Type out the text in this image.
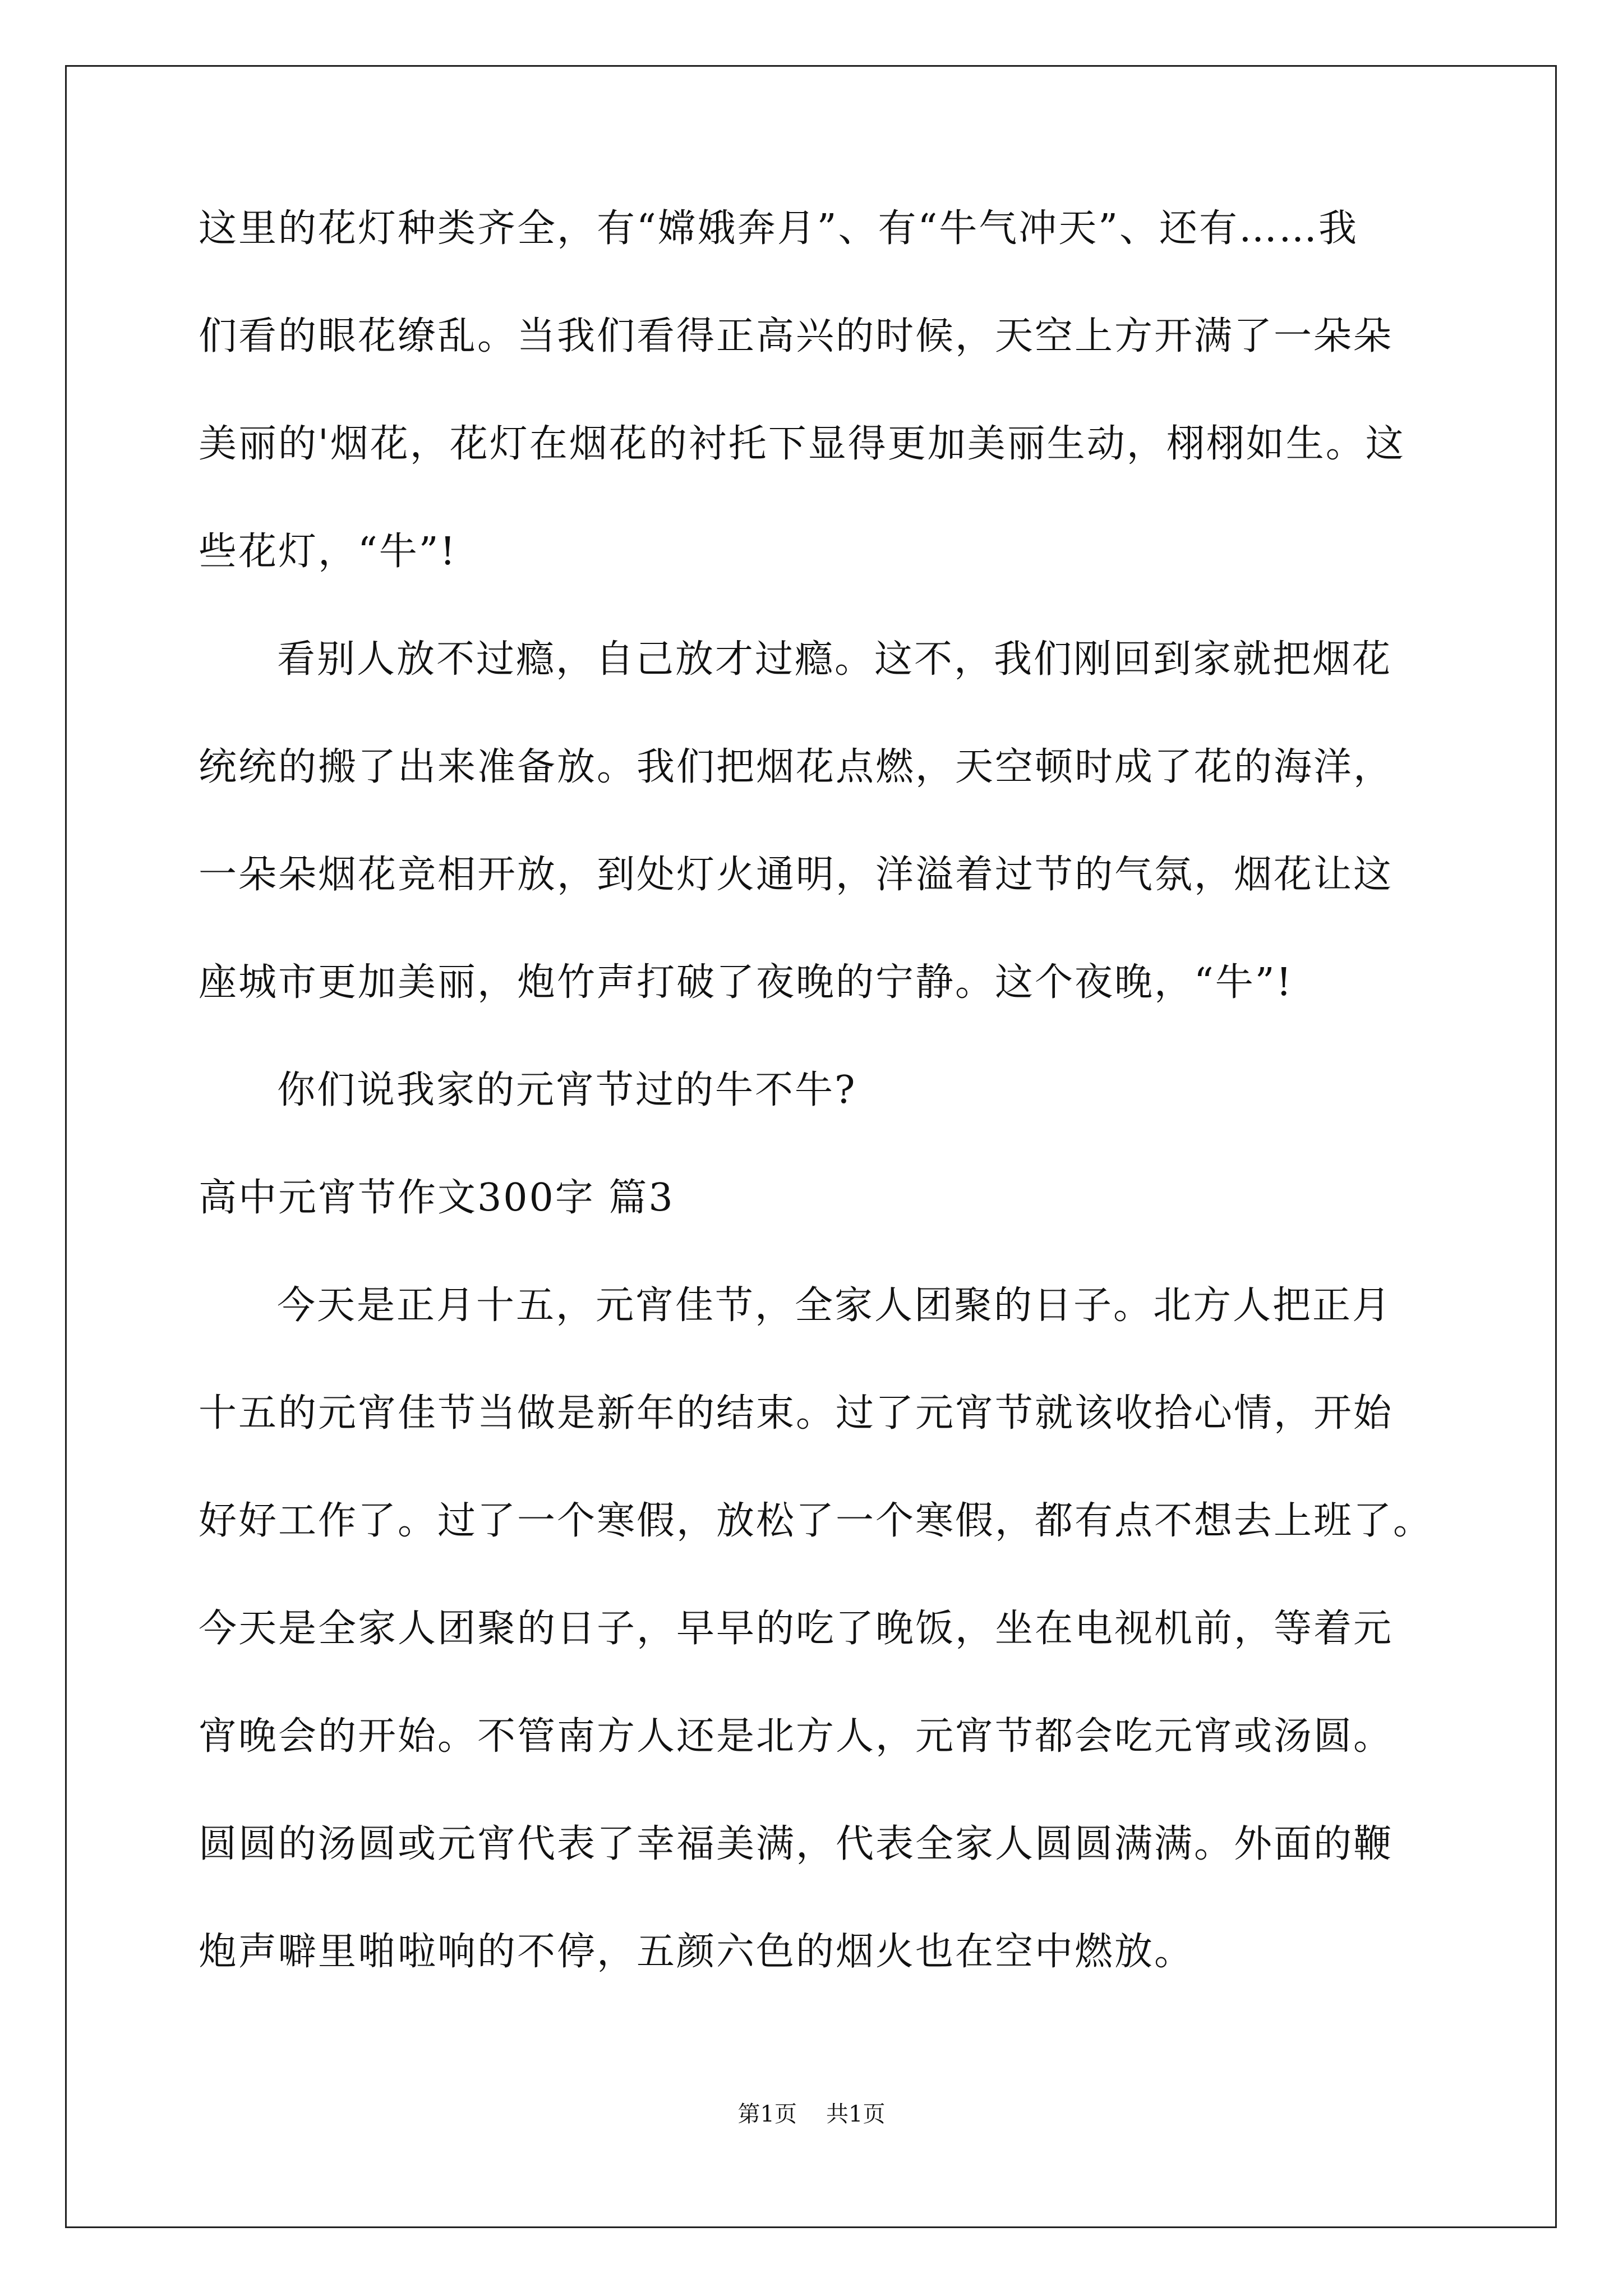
这里的花灯种类齐全，有“嫦娥奔月”、有“牛气冲天”、还有……我
们看的眼花缭乱。当我们看得正高兴的时候，天空上方开满了一朵朵
美丽的'烟花，花灯在烟花的衬托下显得更加美丽生动，栩栩如生。这
些花灯，“牛”!
看别人放不过瘾，自己放才过瘾。这不，我们刚回到家就把烟花
统统的搬了出来准备放。我们把烟花点燃，天空顿时成了花的海洋，
一朵朵烟花竞相开放，到处灯火通明，洋溢着过节的气氛，烟花让这
座城市更加美丽，炮竹声打破了夜晚的宁静。这个夜晚，“牛”!
你们说我家的元宵节过的牛不牛?
高中元宵节作文300字 篇3
今天是正月十五，元宵佳节，全家人团聚的日子。北方人把正月
十五的元宵佳节当做是新年的结束。过了元宵节就该收拾心情，开始
好好工作了。过了一个寒假，放松了一个寒假，都有点不想去上班了。
今天是全家人团聚的日子，早早的吃了晚饭，坐在电视机前，等着元
宵晚会的开始。不管南方人还是北方人，元宵节都会吃元宵或汤圆。
圆圆的汤圆或元宵代表了幸福美满，代表全家人圆圆满满。外面的鞭
炮声噼里啪啦响的不停，五颜六色的烟火也在空中燃放。
第1页 共1页
